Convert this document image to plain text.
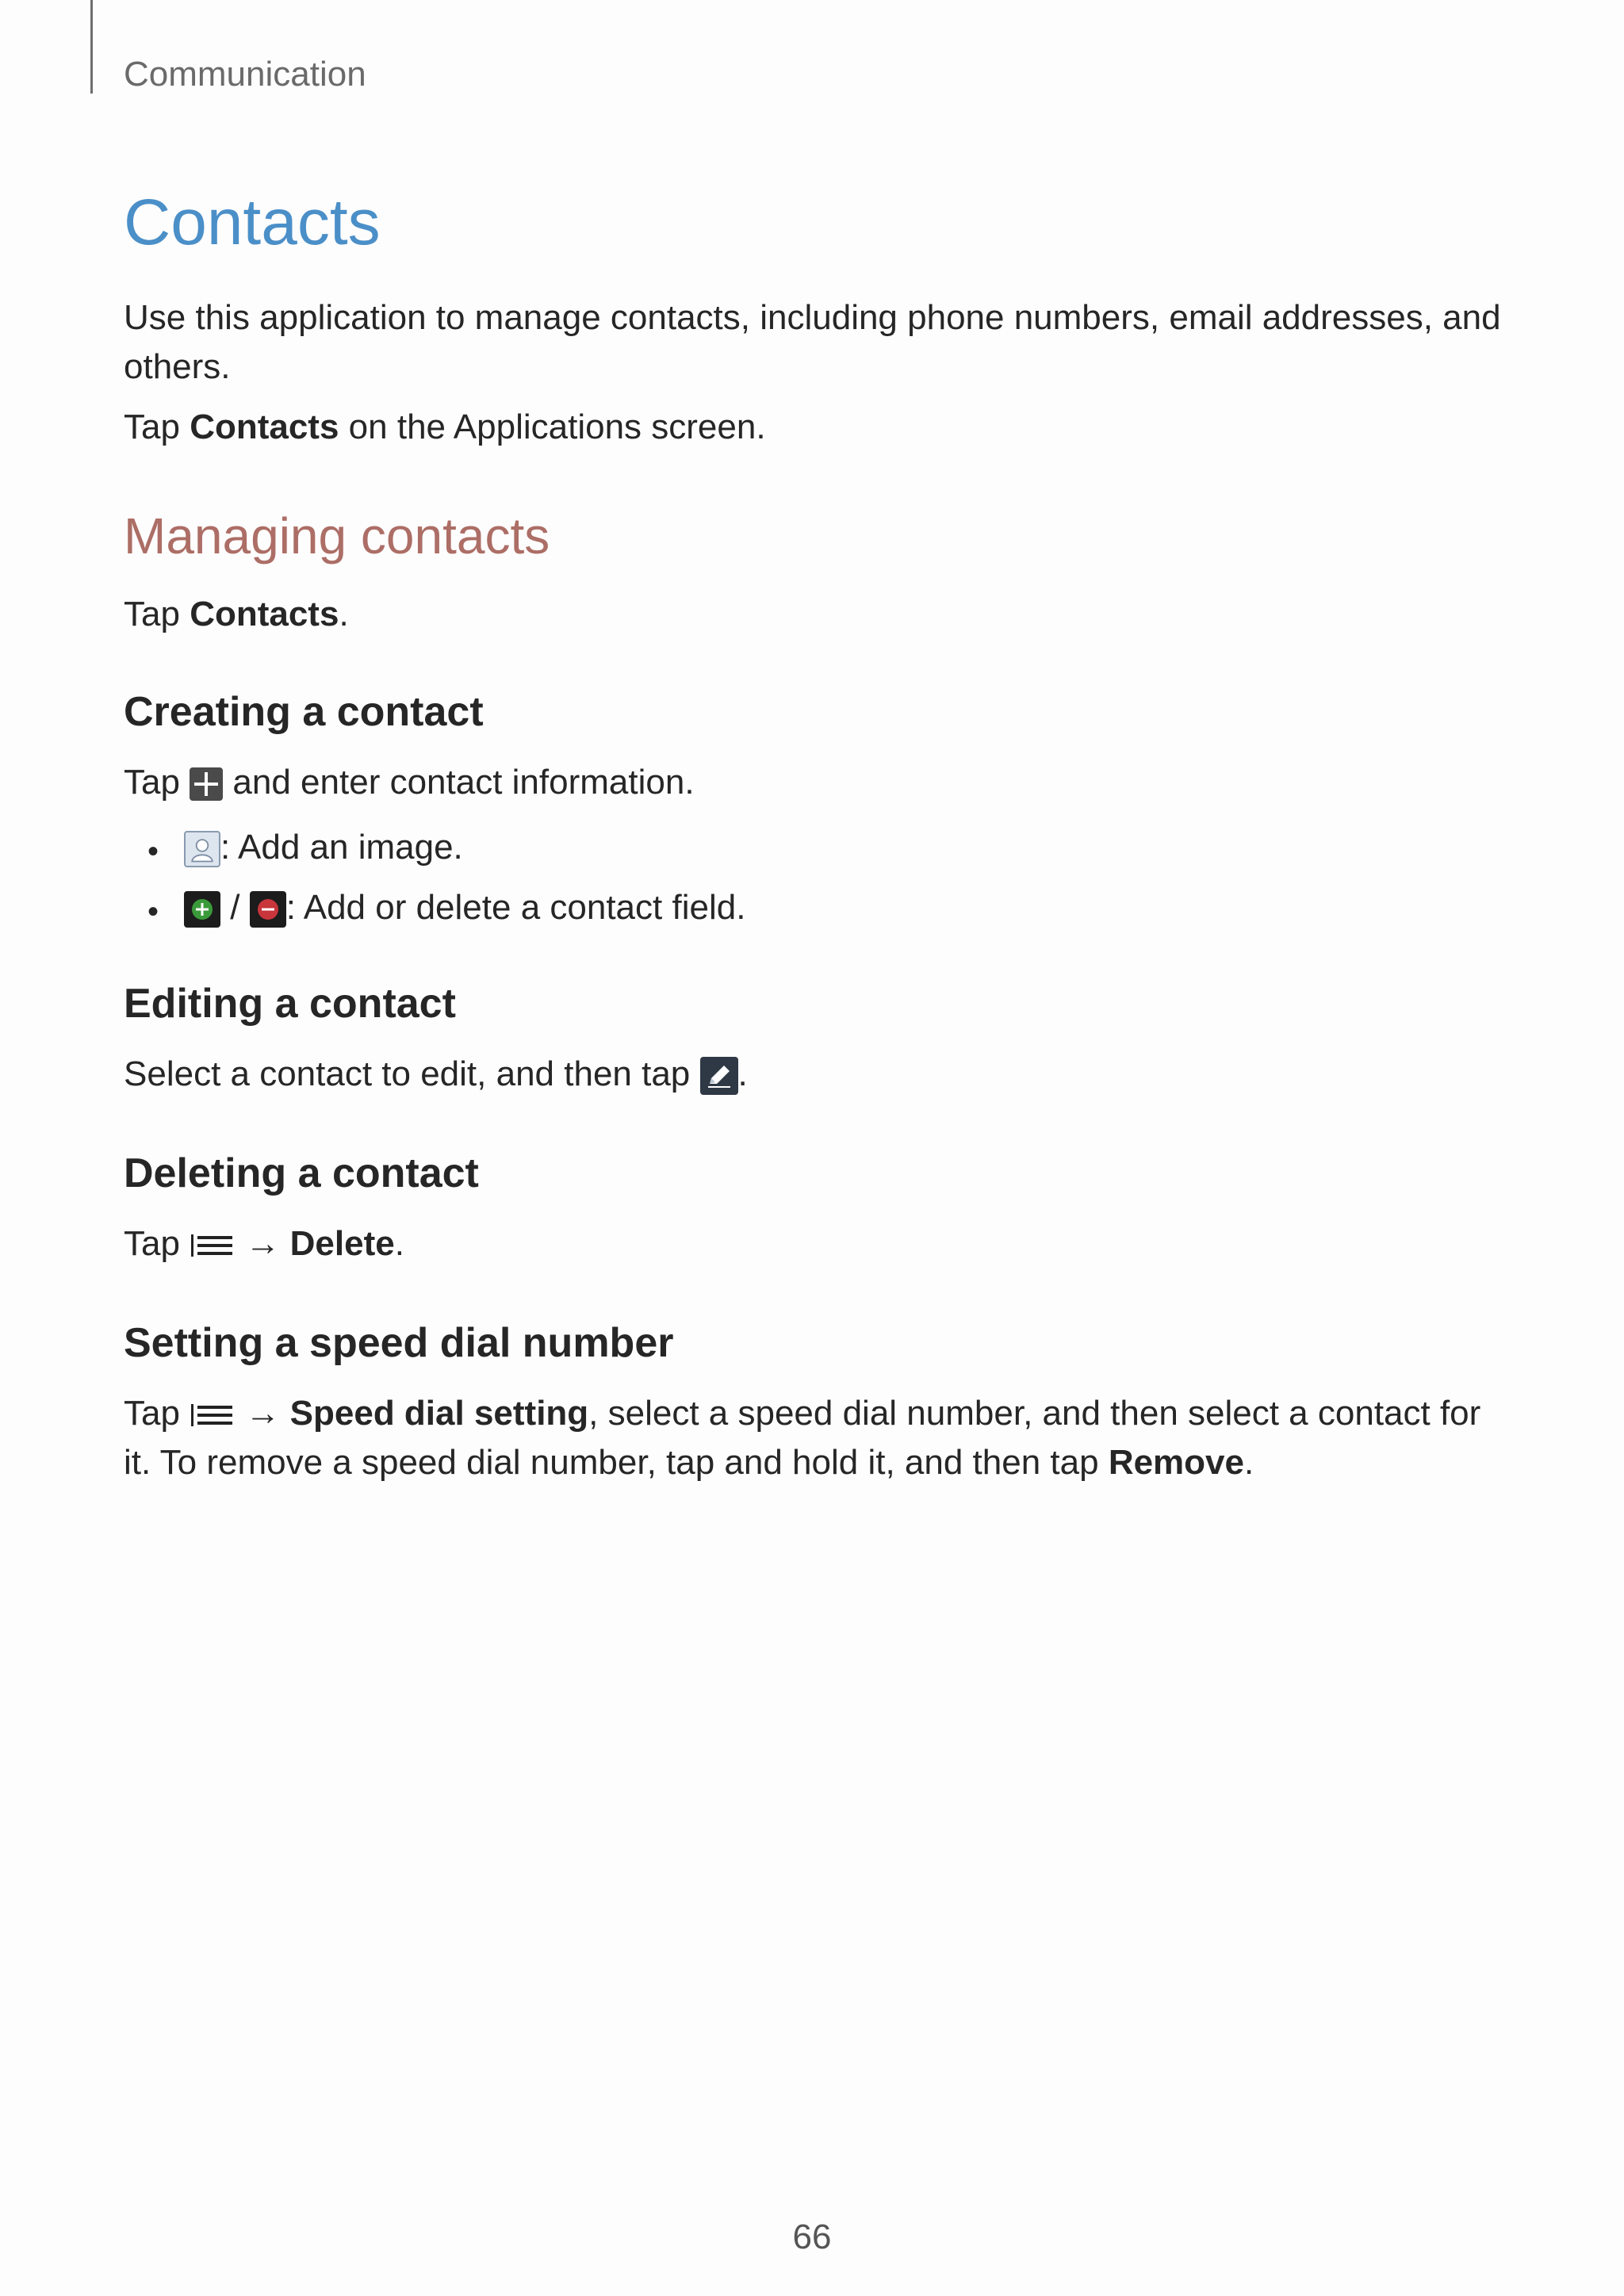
Communication
Contacts

Use this application to manage contacts, including phone numbers, email addresses, and others.

Tap Contacts on the Applications screen.

Managing contacts

Tap Contacts.

Creating a contact

Tap and enter contact information.

•	: Add an image.

•	/ : Add or delete a contact field.

Editing a contact

Select a contact to edit, and then tap .

Deleting a contact

Tap → Delete.

Setting a speed dial number

Tap → Speed dial setting, select a speed dial number, and then select a contact for it. To remove a speed dial number, tap and hold it, and then tap Remove.

66
